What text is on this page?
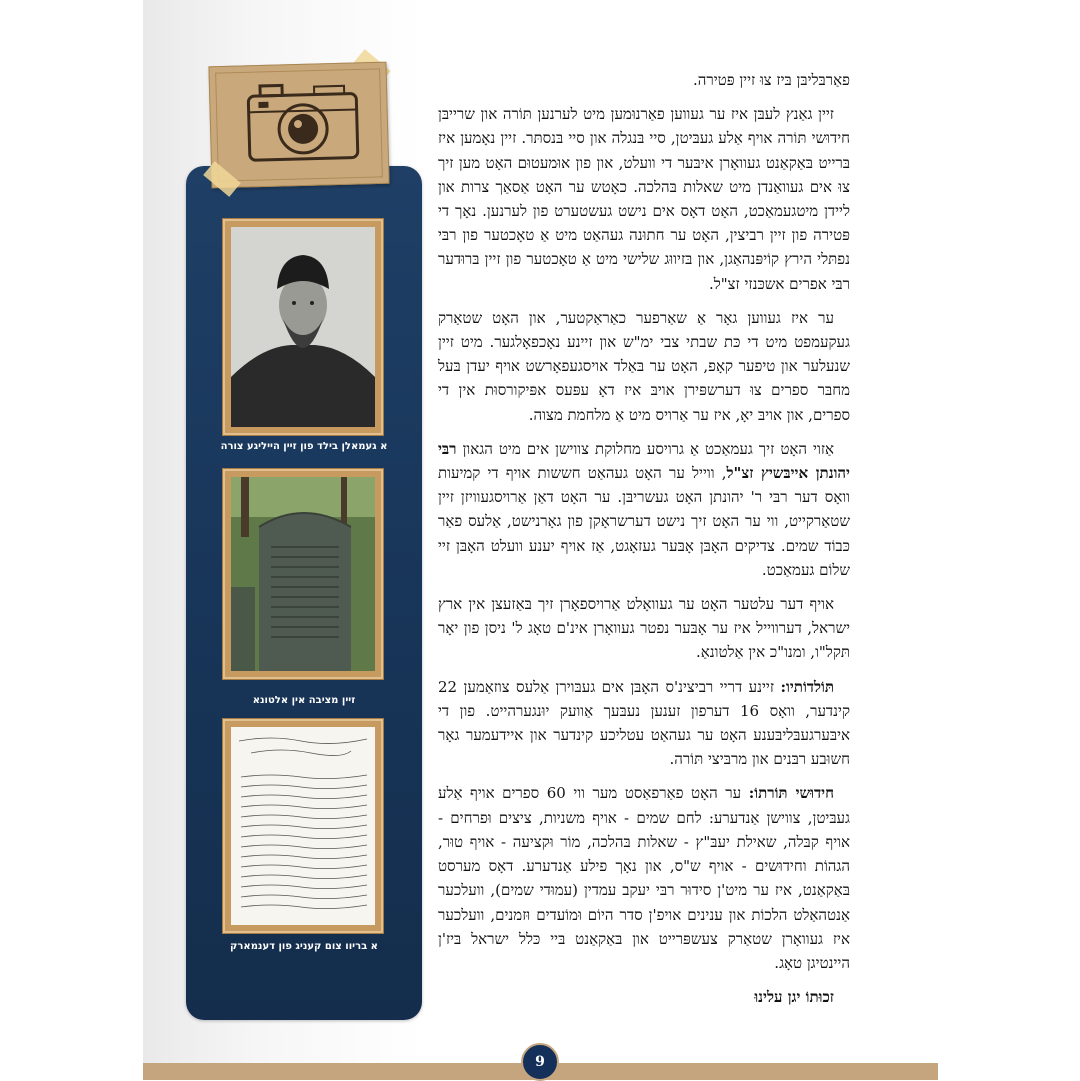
א געמאלן בילד פון זיין הייליגע צורה
זיין מציבה אין אלטונא
א בריוו צום קעניג פון דענמארק

פאַרבּליבּן בּיז צוּ זיין פּטירה.

זיין גאַנץ לעבּן איז ער געווען פאַרנוּמען מיט לערנען תּוֹרה און שרייבּן חידוּשי תּוֹרה אויף אַלע געבּיטן, סיי בּנגלה און סיי בּנסתּר. זיין נאָמען איז בּרייט בּאַקאַנט געוואָרן איבּער די וועלט, און פון אוּמעטוּם האָט מען זיך צוּ אים געוואַנדן מיט שאלות בּהלכה. כאָטש ער האָט אַסאַך צרות און ליידן מיטגעמאַכט, האָט דאָס אים נישט געשטערט פון לערנען. נאָך די פּטירה פון זיין רביצין, האָט ער חתוּנה געהאַט מיט אַ טאָכטער פון רבּי נפתּלי הירץ קוֹיפּנהאַגן, און בּזיווּג שלישי מיט אַ טאָכטער פון זיין בּרוּדער רבּי אפרים אשכּנזי זצ"ל.

ער איז געווען גאָר אַ שאַרפער כאַראַקטער, און האָט שטאַרק געקעמפט מיט די כּת שבתי צבי ימ"ש און זיינע נאָכפאָלגער. מיט זיין שנעלער און טיפער קאָפ, האָט ער בּאַלד אויסגעפאָרשט אויף יעדן בּעל מחבּר ספרים צוּ דערשפּירן אויבּ איז דאָ עפּעס אפּיקורסוּת אין די ספרים, און אויבּ יאָ, איז ער אַרויס מיט אַ מלחמת מצוה.

אַזוי האָט זיך געמאַכט אַ גרויסע מחלוקת צווישן אים מיט הגאון רבּי יהונתן אייבּשיץ זצ"ל, ווייל ער האָט געהאַט חששות אויף די קמיעות וואָס דער רבּי ר' יהונתן האָט געשריבּן. ער האָט דאַן אַרויסגעוויזן זיין שטאַרקייט, ווי ער האָט זיך נישט דערשראָקן פון גאָרנישט, אַלעס פאַר כּבוֹד שמים. צדיקים האָבּן אָבּער געזאָגט, אַז אויף יענע וועלט האָבּן זיי שלוֹם געמאַכט.

אויף דער עלטער האָט ער געוואָלט אַרויספאָרן זיך בּאַזעצן אין ארץ ישראל, דערווייל איז ער אָבּער נפטר געוואָרן אינ'ם טאָג ל' ניסן פון יאָר תּקל"ו, ומנו"כ אין אַלטונאַ.

תּוֹלדוֹתיו: זיינע דריי רביצינ'ס האָבּן אים געבּוירן אַלעס צוזאַמען 22 קינדער, וואָס 16 דערפון זענען נעבּעך אַוועק יוּנגערהייט. פון די איבּערגעבּליבּענע האָט ער געהאַט עטליכע קינדער און איידעמער גאָר חשוּבע רבּנים און מרבּיצי תּוֹרה.

חידוּשי תּוֹרתוֹ: ער האָט פאַרפאַסט מער ווי 60 ספרים אויף אַלע געבּיטן, צווישן אַנדערע: לחם שמים - אויף משניות, ציצים וּפרחים - אויף קבּלה, שאילת יעבּ"ץ - שאלות בּהלכה, מוֹר וּקציעה - אויף טוּר, הגהוֹת וחידוּשים - אויף ש"ס, און נאָך פילע אַנדערע. דאָס מערסט בּאַקאַנט, איז ער מיט'ן סידוּר רבּי יעקב עמדין (עמוּדי שמים), וועלכער אַנטהאַלט הלכוֹת און ענינים אויפ'ן סדר היוֹם וּמוֹעדים וּזמנים, וועלכער איז געוואָרן שטאַרק צעשפּרייט און בּאַקאַנט בּיי כּלל ישראל בּיז'ן היינטיגן טאָג.

זכוּתוֹ יגן עלינוּ

9
